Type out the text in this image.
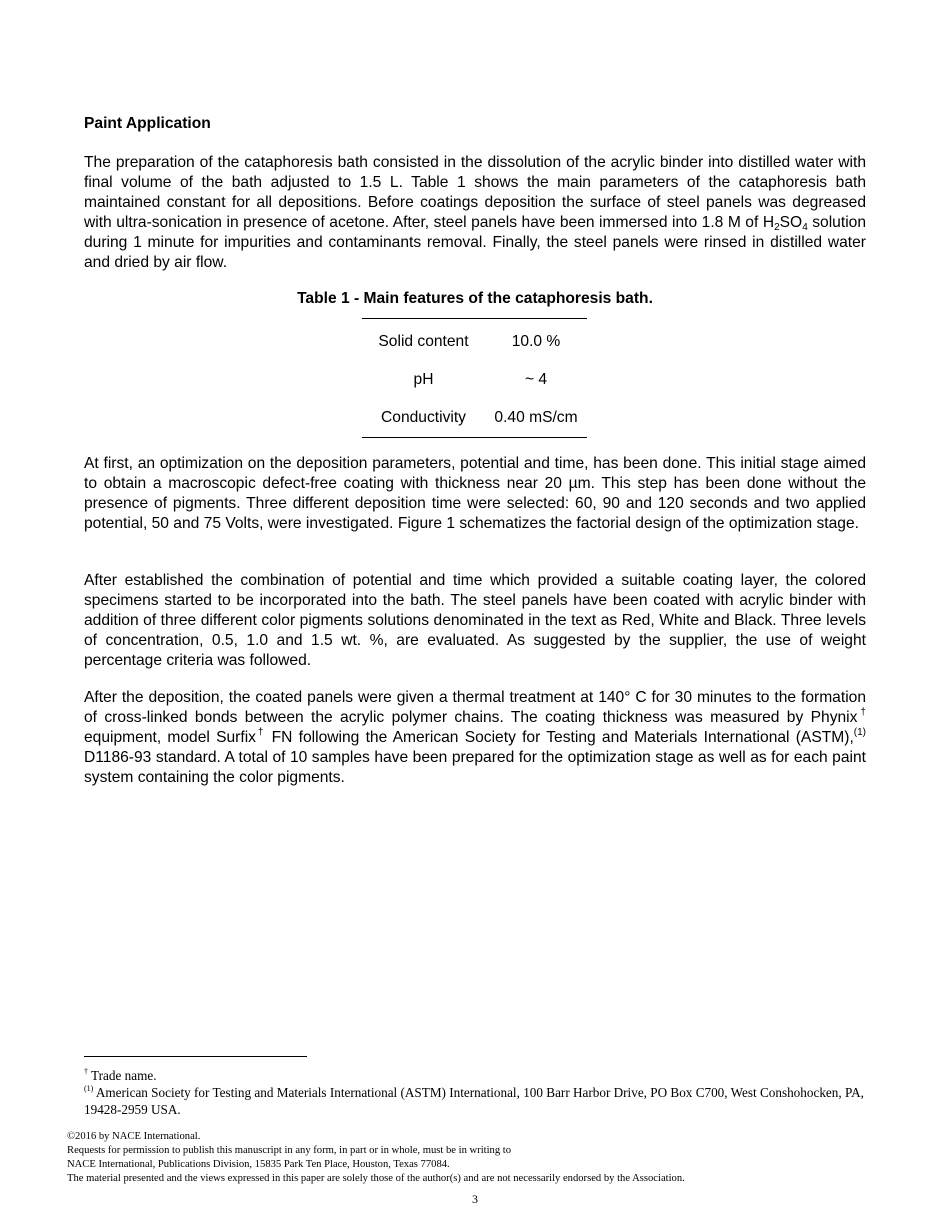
Paint Application

The preparation of the cataphoresis bath consisted in the dissolution of the acrylic binder into distilled water with final volume of the bath adjusted to 1.5 L. Table 1 shows the main parameters of the cataphoresis bath maintained constant for all depositions. Before coatings deposition the surface of steel panels was degreased with ultra-sonication in presence of acetone. After, steel panels have been immersed into 1.8 M of $H_2SO_4$ solution during 1 minute for impurities and contaminants removal. Finally, the steel panels were rinsed in distilled water and dried by air flow.

Table 1 - Main features of the cataphoresis bath.

Solid content	10.0 %
pH	~ 4
Conductivity	0.40 mS/cm

At first, an optimization on the deposition parameters, potential and time, has been done. This initial stage aimed to obtain a macroscopic defect-free coating with thickness near 20 µm. This step has been done without the presence of pigments. Three different deposition time were selected: 60, 90 and 120 seconds and two applied potential, 50 and 75 Volts, were investigated. Figure 1 schematizes the factorial design of the optimization stage.

After established the combination of potential and time which provided a suitable coating layer, the colored specimens started to be incorporated into the bath. The steel panels have been coated with acrylic binder with addition of three different color pigments solutions denominated in the text as Red, White and Black. Three levels of concentration, 0.5, 1.0 and 1.5 wt. %, are evaluated. As suggested by the supplier, the use of weight percentage criteria was followed.

After the deposition, the coated panels were given a thermal treatment at 140° C for 30 minutes to the formation of cross-linked bonds between the acrylic polymer chains. The coating thickness was measured by Phynix† equipment, model Surfix† FN following the American Society for Testing and Materials International (ASTM),$^{(1)}$ D1186-93 standard. A total of 10 samples have been prepared for the optimization stage as well as for each paint system containing the color pigments.

† Trade name.

$^{(1)}$ American Society for Testing and Materials International (ASTM) International, 100 Barr Harbor Drive, PO Box C700, West Conshohocken, PA, 19428-2959 USA.

©2016 by NACE International.

Requests for permission to publish this manuscript in any form, in part or in whole, must be in writing to

NACE International, Publications Division, 15835 Park Ten Place, Houston, Texas 77084.

The material presented and the views expressed in this paper are solely those of the author(s) and are not necessarily endorsed by the Association.

3
